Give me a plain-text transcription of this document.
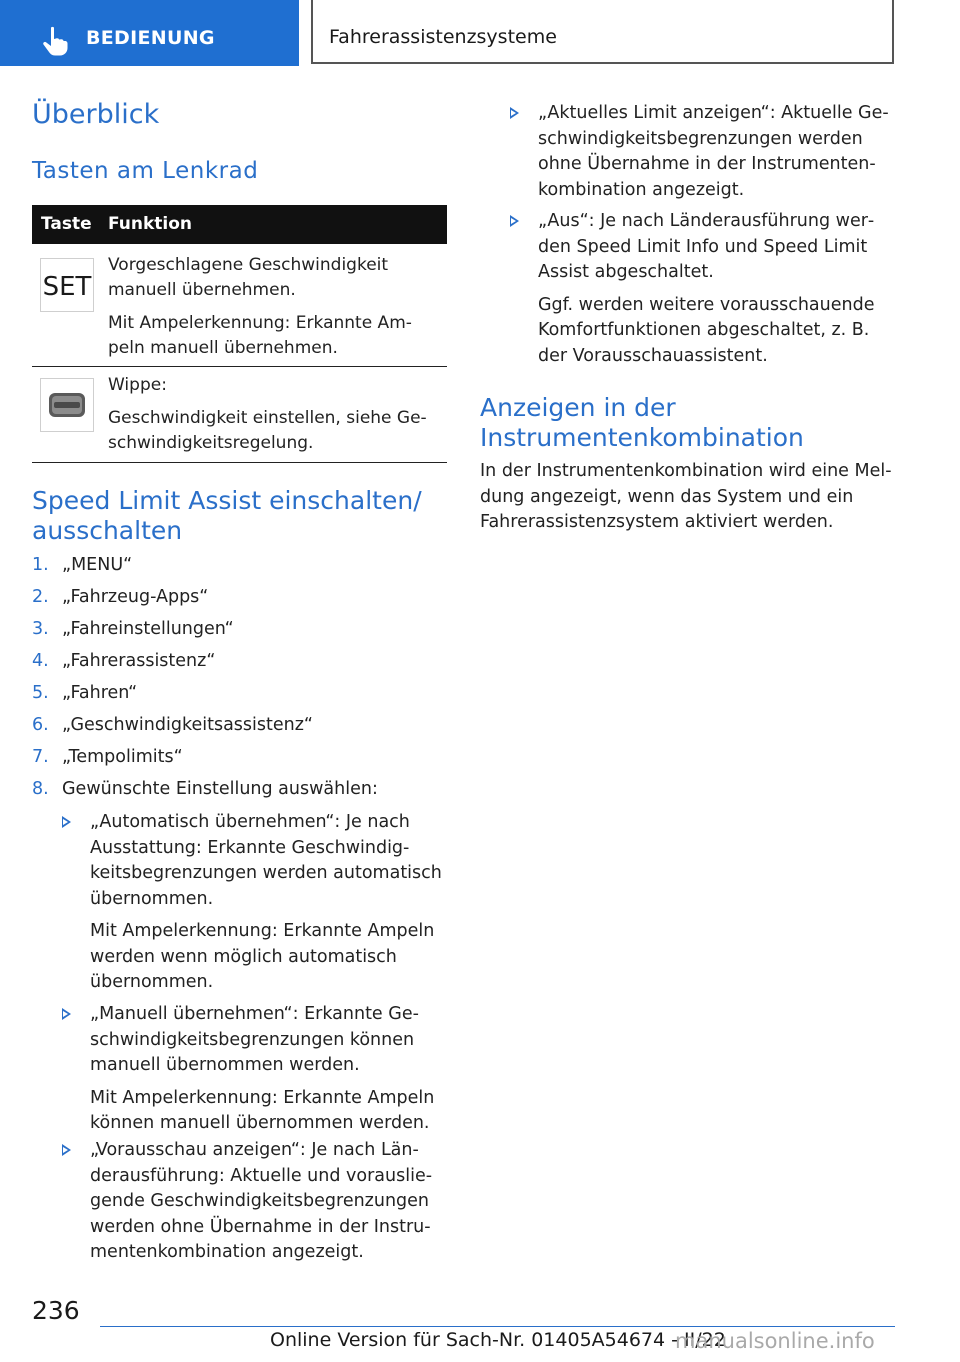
BEDIENUNG	Fahrerassistenzsysteme
Überblick
Tasten am Lenkrad
Taste Funktion
SET

Vorgeschlagene Geschwindigkeit manuell übernehmen.

Mit Ampelerkennung: Erkannte Ampeln manuell übernehmen.

Wippe:

Geschwindigkeit einstellen, siehe Geschwindigkeitsregelung.

Speed Limit Assist einschalten/ ausschalten
1. „MENU“
2. „Fahrzeug-Apps“
3. „Fahreinstellungen“
4. „Fahrerassistenz“
5. „Fahren“
6. „Geschwindigkeitsassistenz“
7. „Tempolimits“
8. Gewünschte Einstellung auswählen:

„Automatisch übernehmen“: Je nach Ausstattung: Erkannte Geschwindigkeitsbegrenzungen werden automatisch übernommen.

Mit Ampelerkennung: Erkannte Ampeln werden wenn möglich automatisch übernommen.

„Manuell übernehmen“: Erkannte Geschwindigkeitsbegrenzungen können manuell übernommen werden.

Mit Ampelerkennung: Erkannte Ampeln können manuell übernommen werden.

„Vorausschau anzeigen“: Je nach Länderausführung: Aktuelle und vorausliegende Geschwindigkeitsbegrenzungen werden ohne Übernahme in der Instrumentenkombination angezeigt.

„Aktuelles Limit anzeigen“: Aktuelle Geschwindigkeitsbegrenzungen werden ohne Übernahme in der Instrumentenkombination angezeigt.

„Aus“: Je nach Länderausführung werden Speed Limit Info und Speed Limit Assist abgeschaltet.

Ggf. werden weitere vorausschauende Komfortfunktionen abgeschaltet, z. B. der Vorausschauassistent.

Anzeigen in der Instrumentenkombination

In der Instrumentenkombination wird eine Meldung angezeigt, wenn das System und ein Fahrerassistenzsystem aktiviert werden.

236
Online Version für Sach-Nr. 01405A54674 - II/22
manualsonline.info
